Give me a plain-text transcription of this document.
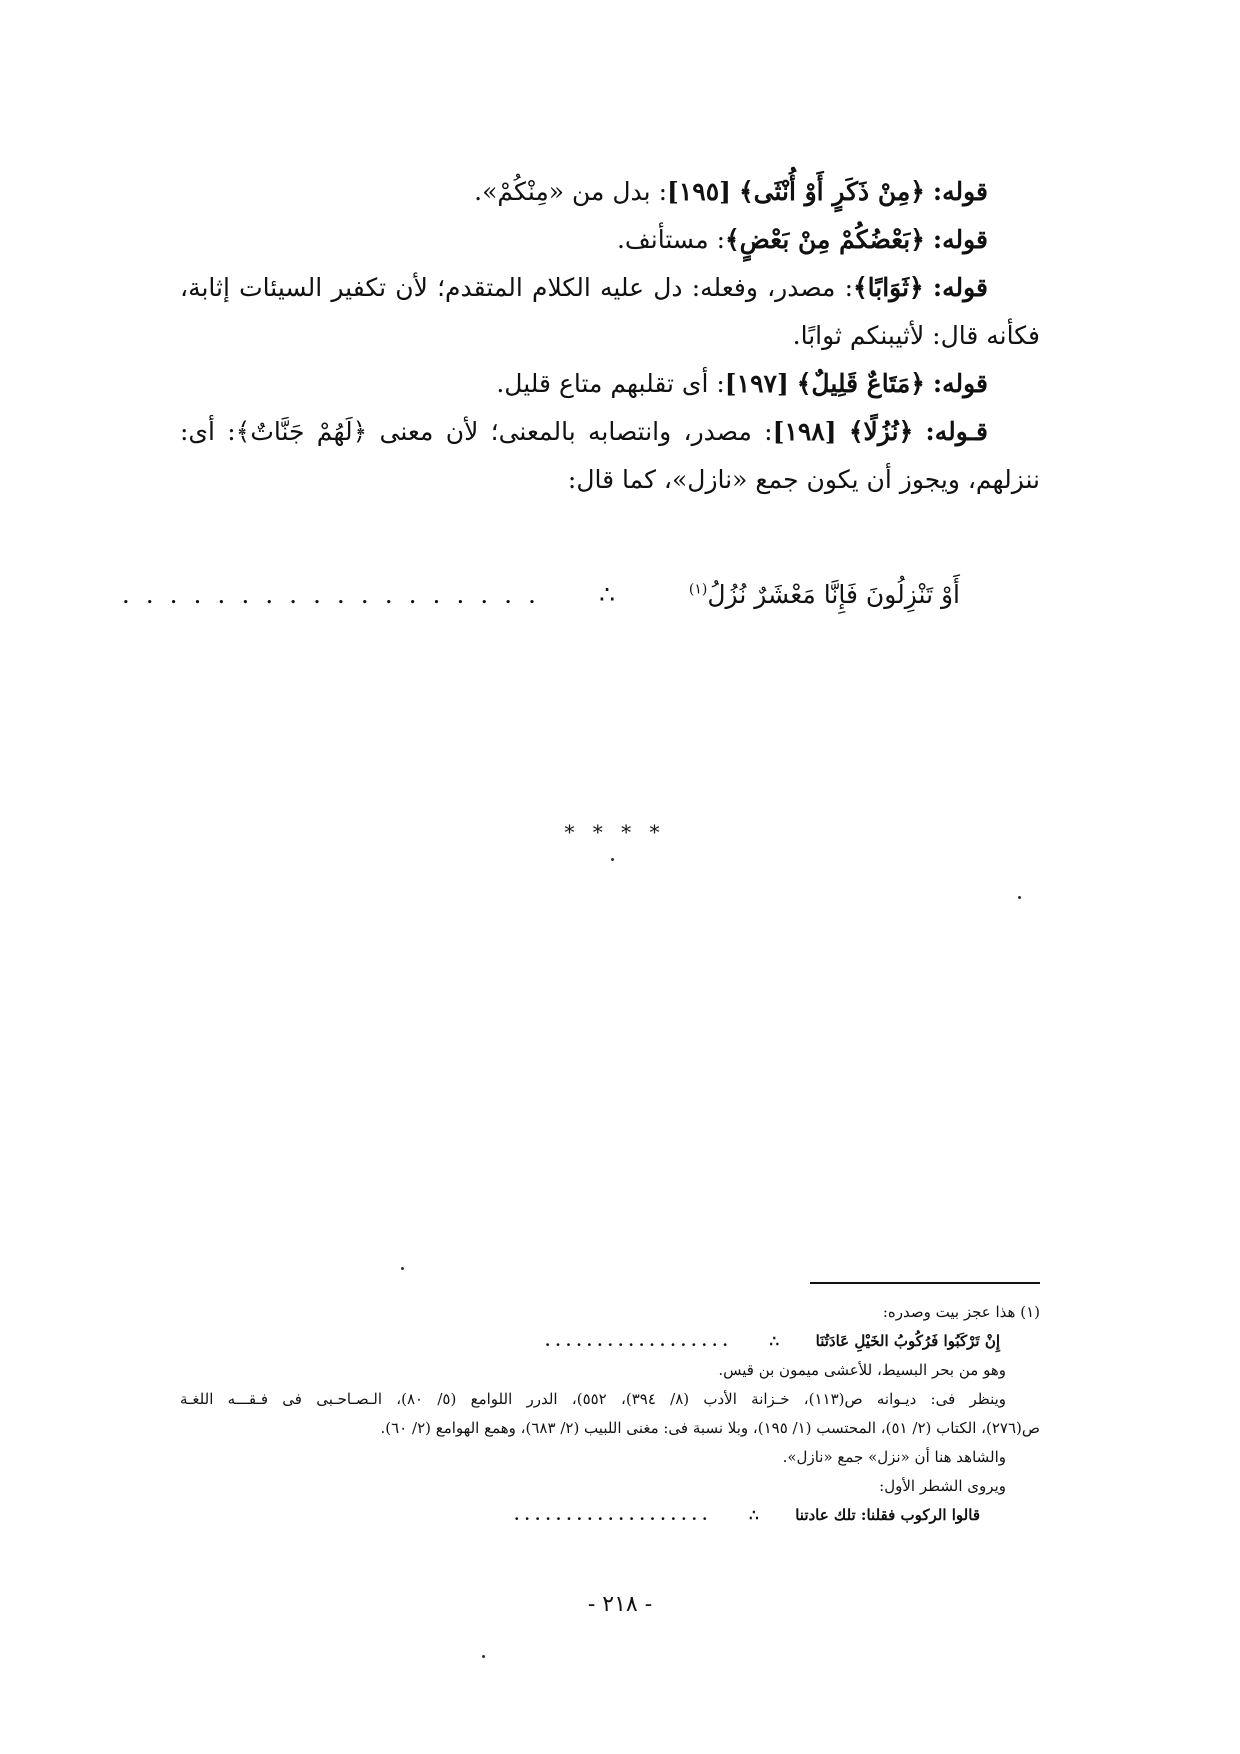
قوله: ﴿مِنْ ذَكَرٍ أَوْ أُنْثَى﴾ [١٩٥]: بدل من «مِنْكُمْ».
قوله: ﴿بَعْضُكُمْ مِنْ بَعْضٍ﴾: مستأنف.
قوله: ﴿ثَوَابًا﴾: مصدر، وفعله: دل عليه الكلام المتقدم؛ لأن تكفير السيئات إثابة،
فكأنه قال: لأثيبنكم ثوابًا.
قوله: ﴿مَتَاعٌ قَلِيلٌ﴾ [١٩٧]: أى تقلبهم متاع قليل.
قـوله: ﴿نُزُلًا﴾ [١٩٨]: مصدر، وانتصابه بالمعنى؛ لأن معنى ﴿لَهُمْ جَنَّاتٌ﴾: أى:
ننزلهم، ويجوز أن يكون جمع «نازل»، كما قال:
أَوْ تَنْزِلُونَ فَإِنَّا مَعْشَرٌ نُزُلُ$^{(١)}$
∴
. . . . . . . . . . . . . . . . . .
* * * *
(١) هذا عجز بيت وصدره:
إِنْ تَرْكَبُوا فَرُكُوبُ الخَيْلِ عَادَتُنَا       ∴        . . . . . . . . . . . . . . . . . .
وهو من بحر البسيط، للأعشى ميمون بن قيس.
وينظر فى: ديـوانه ص(١١٣)، خـزانة الأدب (٨/ ٣٩٤)، ٥٥٢)، الدرر اللوامع (٥/ ٨٠)، الـصـاحـبى فى فـقـــه اللغـة
ص(٢٧٦)، الكتاب (٢/ ٥١)، المحتسب (١/ ١٩٥)، وبلا نسبة فى: مغنى اللبيب (٢/ ٦٨٣)، وهمع الهوامع (٢/ ٦٠).
والشاهد هنا أن «نزل» جمع «نازل».
ويروى الشطر الأول:
قالوا الركوب فقلنا: تلك عادتنا       ∴        . . . . . . . . . . . . . . . . . . .
- ٢١٨ -
